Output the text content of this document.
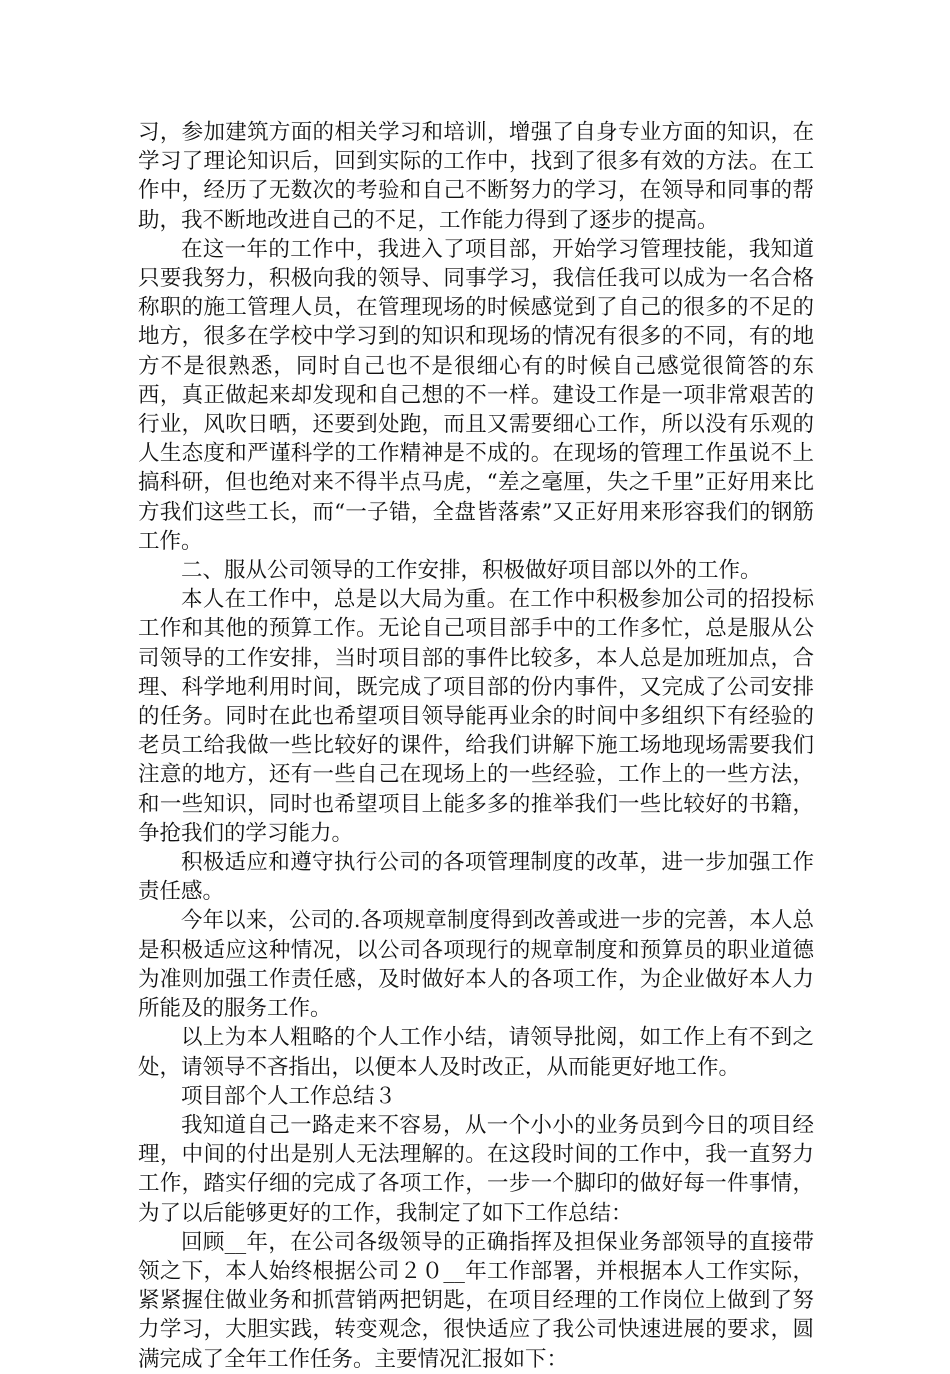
习，参加建筑方面的相关学习和培训，增强了自身专业方面的知识，在学习了理论知识后，回到实际的工作中，找到了很多有效的方法。在工作中，经历了无数次的考验和自己不断努力的学习，在领导和同事的帮助，我不断地改进自己的不足，工作能力得到了逐步的提高。

在这一年的工作中，我进入了项目部，开始学习管理技能，我知道只要我努力，积极向我的领导、同事学习，我信任我可以成为一名合格称职的施工管理人员，在管理现场的时候感觉到了自己的很多的不足的地方，很多在学校中学习到的知识和现场的情况有很多的不同，有的地方不是很熟悉，同时自己也不是很细心有的时候自己感觉很简答的东西，真正做起来却发现和自己想的不一样。建设工作是一项非常艰苦的行业，风吹日晒，还要到处跑，而且又需要细心工作，所以没有乐观的人生态度和严谨科学的工作精神是不成的。在现场的管理工作虽说不上搞科研，但也绝对来不得半点马虎，“差之毫厘，失之千里”正好用来比方我们这些工长，而“一子错，全盘皆落索”又正好用来形容我们的钢筋工作。

二、服从公司领导的工作安排，积极做好项目部以外的工作。

本人在工作中，总是以大局为重。在工作中积极参加公司的招投标工作和其他的预算工作。无论自己项目部手中的工作多忙，总是服从公司领导的工作安排，当时项目部的事件比较多，本人总是加班加点，合理、科学地利用时间，既完成了项目部的份内事件，又完成了公司安排的任务。同时在此也希望项目领导能再业余的时间中多组织下有经验的老员工给我做一些比较好的课件，给我们讲解下施工场地现场需要我们注意的地方，还有一些自己在现场上的一些经验，工作上的一些方法，和一些知识，同时也希望项目上能多多的推举我们一些比较好的书籍，争抢我们的学习能力。

积极适应和遵守执行公司的各项管理制度的改革，进一步加强工作责任感。

今年以来，公司的.各项规章制度得到改善或进一步的完善，本人总是积极适应这种情况，以公司各项现行的规章制度和预算员的职业道德为准则加强工作责任感，及时做好本人的各项工作，为企业做好本人力所能及的服务工作。

以上为本人粗略的个人工作小结，请领导批阅，如工作上有不到之处，请领导不吝指出，以便本人及时改正，从而能更好地工作。

项目部个人工作总结３

我知道自己一路走来不容易，从一个小小的业务员到今日的项目经理，中间的付出是别人无法理解的。在这段时间的工作中，我一直努力工作，踏实仔细的完成了各项工作，一步一个脚印的做好每一件事情，为了以后能够更好的工作，我制定了如下工作总结：

回顾__年，在公司各级领导的正确指挥及担保业务部领导的直接带领之下，本人始终根据公司２０__年工作部署，并根据本人工作实际，紧紧握住做业务和抓营销两把钥匙，在项目经理的工作岗位上做到了努力学习，大胆实践，转变观念，很快适应了我公司快速进展的要求，圆满完成了全年工作任务。主要情况汇报如下：
